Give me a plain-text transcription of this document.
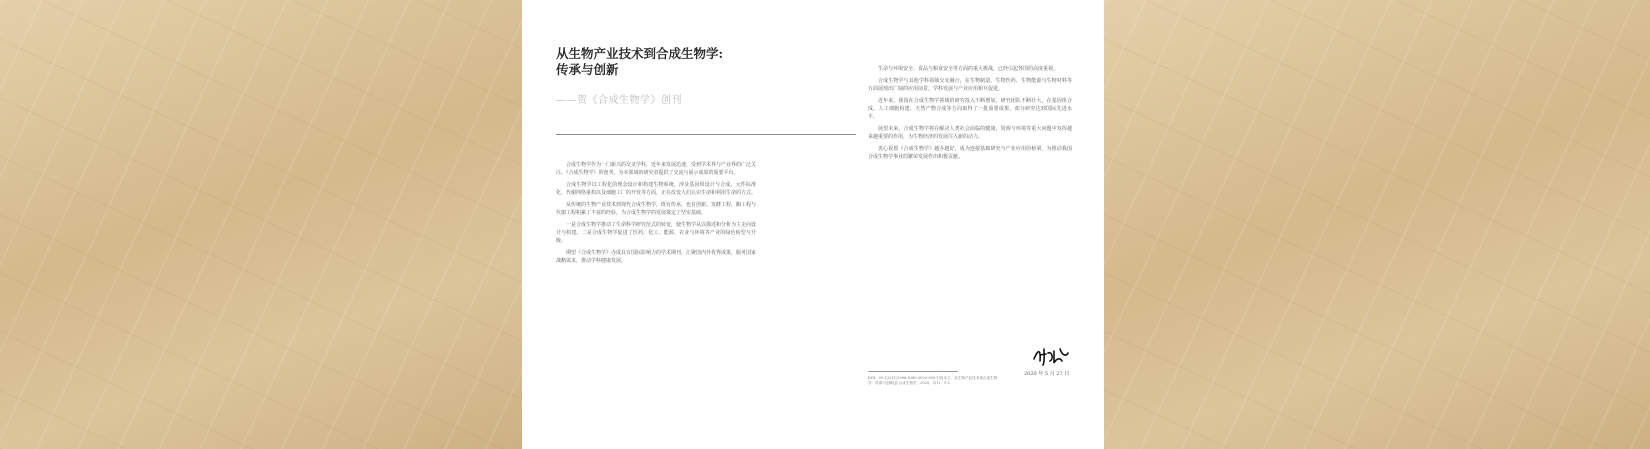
从生物产业技术到合成生物学:
传承与创新
——贺《合成生物学》创刊

合成生物学作为一门新兴的交叉学科，近年来发展迅速，受到学术界与产业界的广泛关注。《合成生物学》的创刊，为本领域的研究者提供了交流与展示成果的重要平台。

合成生物学以工程化的理念设计和构建生物系统，涉及基因组设计与合成、元件标准化、代谢网络重构以及细胞工厂的开发等方面，正在改变人们认识生命和利用生命的方式。

从传统的生物产业技术到现代合成生物学，既有传承，也有创新。发酵工程、酶工程与代谢工程积累了丰富的经验，为合成生物学的发展奠定了坚实基础。

一是合成生物学推动了生命科学研究范式的转变，使生物学从以描述和分析为主走向设计与构建。二是合成生物学促进了医药、化工、能源、农业与环境等产业的绿色转型与升级。

期望《合成生物学》办成具有国际影响力的学术期刊，汇聚国内外优秀成果，服务国家战略需求，推动学科健康发展。

生命与环境安全、食品与粮食安全等方面的重大挑战，已经引起各国的高度重视。

合成生物学与其他学科领域交叉融合，在生物制造、生物医药、生物能源与生物材料等方面展现出广阔的应用前景，学科发展与产业应用相互促进。

近年来，我国在合成生物学领域的研究投入不断增加，研究团队不断壮大，在基因组合成、人工细胞构建、天然产物合成等方向取得了一批重要成果，部分研究达到国际先进水平。

展望未来，合成生物学将在解决人类社会面临的健康、资源与环境等重大问题中发挥越来越重要的作用，为生物经济的发展注入新的动力。

衷心祝愿《合成生物学》越办越好，成为连接基础研究与产业应用的桥梁，为推动我国合成生物学事业的繁荣发展作出积极贡献。

2020 年 5 月 27 日
DOI：10.12211/2096-8280.2020-069 引用本文：从生物产业技术到合成生物学：传承与创新[J].合成生物学，2020，1(1)：1-2.
